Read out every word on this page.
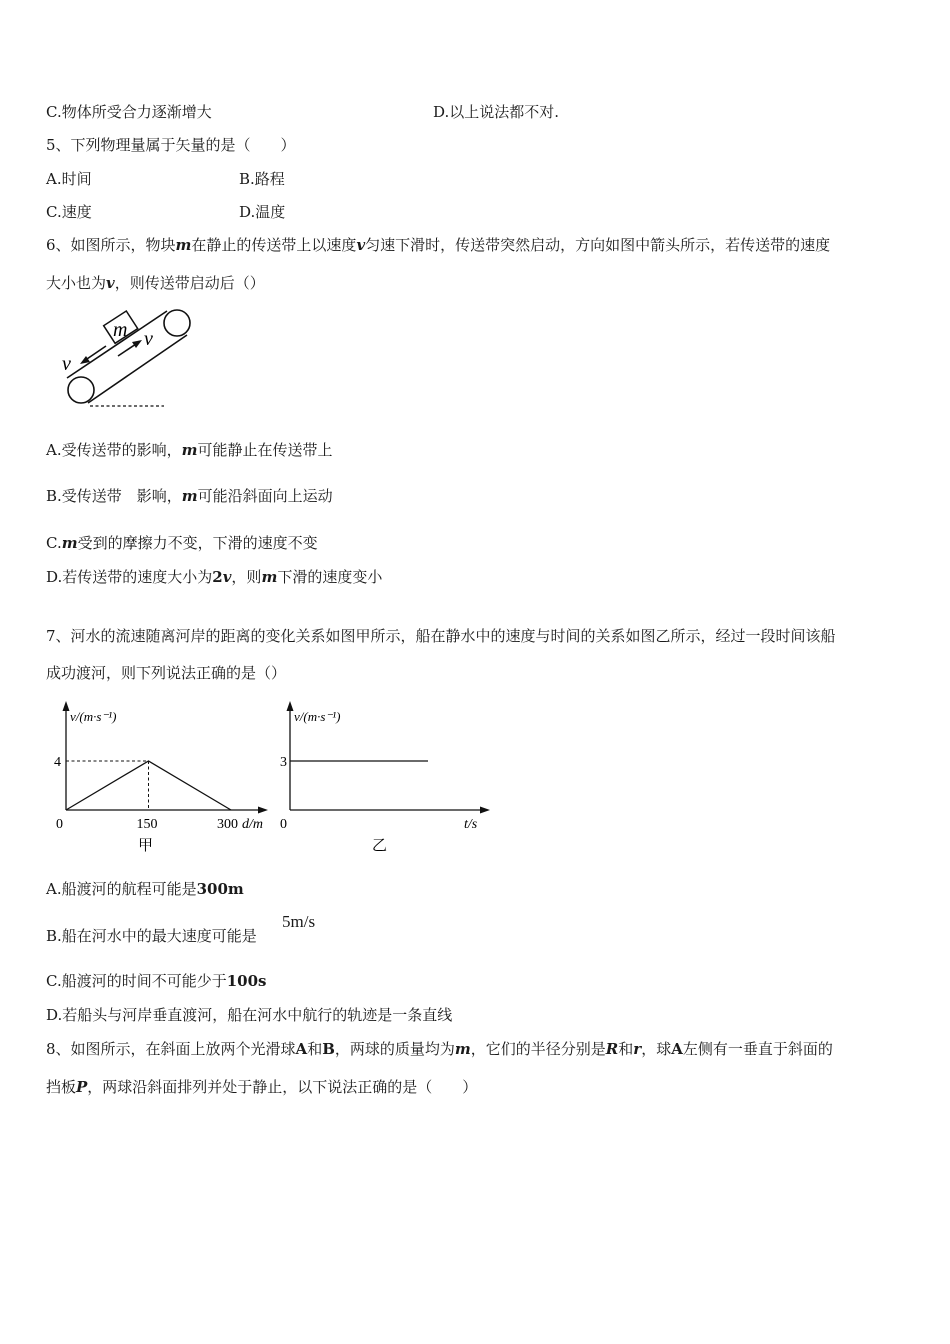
C.物体所受合力逐渐增大	D.以上说法都不对.
5、下列物理量属于矢量的是（　　）
A.时间	B.路程
C.速度	D.温度
6、如图所示，物块m在静止的传送带上以速度v匀速下滑时，传送带突然启动，方向如图中箭头所示，若传送带的速度
大小也为v，则传送带启动后（）
m v
v
A.受传送带的影响，m可能静止在传送带上
B.受传送带　影响，m可能沿斜面向上运动
C.m受到的摩擦力不变，下滑的速度不变
D.若传送带的速度大小为2v，则m下滑的速度变小
7、河水的流速随离河岸的距离的变化关系如图甲所示，船在静水中的速度与时间的关系如图乙所示，经过一段时间该船
成功渡河，则下列说法正确的是（）
v/(m·s⁻¹)
d/m
0
4
150	300
甲
v/(m·s⁻¹)
t/s
0
3
乙
A.船渡河的航程可能是300m
B.船在河水中的最大速度可能是
5m/s
C.船渡河的时间不可能少于100s
D.若船头与河岸垂直渡河，船在河水中航行的轨迹是一条直线
8、如图所示，在斜面上放两个光滑球A和B，两球的质量均为m，它们的半径分别是R和r，球A左侧有一垂直于斜面的
挡板P，两球沿斜面排列并处于静止，以下说法正确的是（　　）
